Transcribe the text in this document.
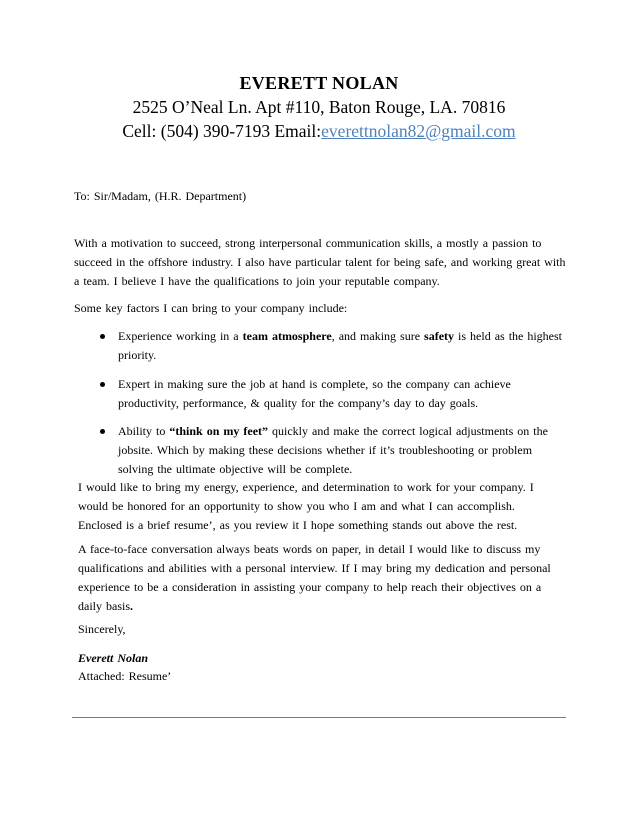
EVERETT NOLAN
2525 O’Neal Ln. Apt #110, Baton Rouge, LA. 70816
Cell: (504) 390-7193 Email:everettnolan82@gmail.com
To: Sir/Madam, (H.R. Department)
With a motivation to succeed, strong interpersonal communication skills, a mostly a passion to succeed in the offshore industry. I also have particular talent for being safe, and working great with a team. I believe I have the qualifications to join your reputable company.
Some key factors I can bring to your company include:
Experience working in a team atmosphere, and making sure safety is held as the highest priority.
Expert in making sure the job at hand is complete, so the company can achieve productivity, performance, & quality for the company’s day to day goals.
Ability to “think on my feet” quickly and make the correct logical adjustments on the jobsite. Which by making these decisions whether if it’s troubleshooting or problem solving the ultimate objective will be complete.
I would like to bring my energy, experience, and determination to work for your company. I would be honored for an opportunity to show you who I am and what I can accomplish. Enclosed is a brief resume’, as you review it I hope something stands out above the rest.
A face-to-face conversation always beats words on paper, in detail I would like to discuss my qualifications and abilities with a personal interview. If I may bring my dedication and personal experience to be a consideration in assisting your company to help reach their objectives on a daily basis.
Sincerely,
Everett Nolan
Attached: Resume’
